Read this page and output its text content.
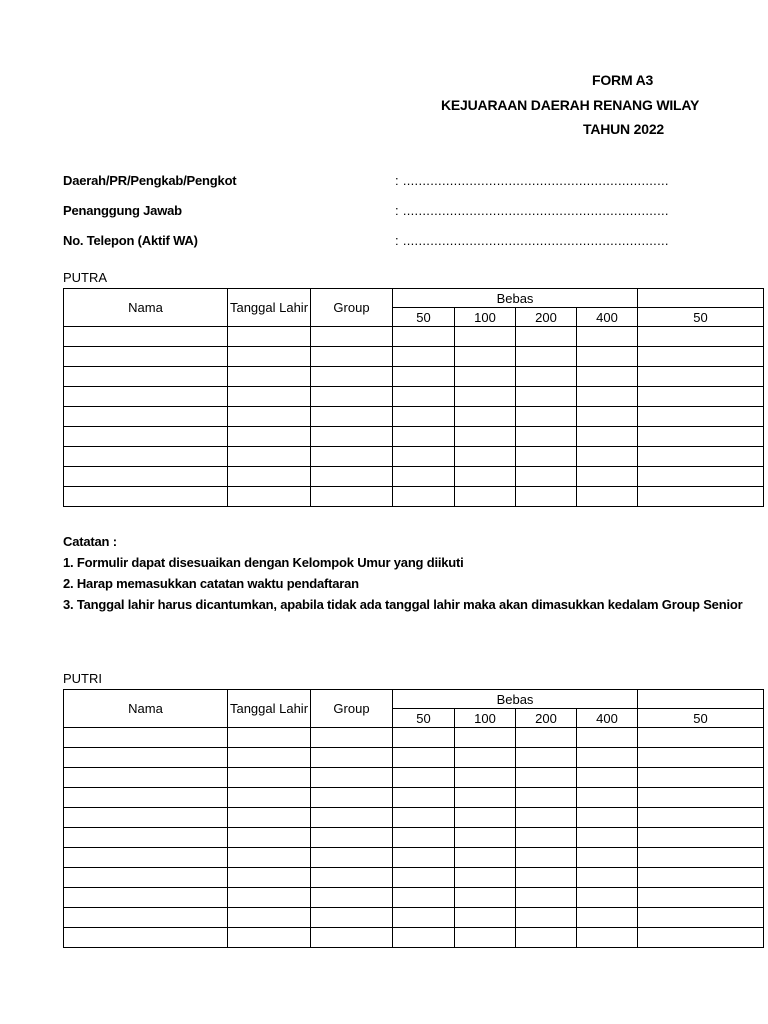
FORM A3
KEJUARAAN DAERAH RENANG WILAY
TAHUN 2022
Daerah/PR/Pengkab/Pengkot	: ....................................................................
Penanggung Jawab	: ....................................................................
No. Telepon (Aktif WA)	: ....................................................................
PUTRA
Nama	Tanggal Lahir	Group	Bebas				
			50	100	200	400	50

Catatan :
1. Formulir dapat disesuaikan dengan Kelompok Umur yang diikuti
2. Harap memasukkan catatan waktu pendaftaran
3. Tanggal lahir harus dicantumkan, apabila tidak ada tanggal lahir maka akan dimasukkan kedalam Group Senior
PUTRI
Nama	Tanggal Lahir	Group	Bebas				
			50	100	200	400	50
